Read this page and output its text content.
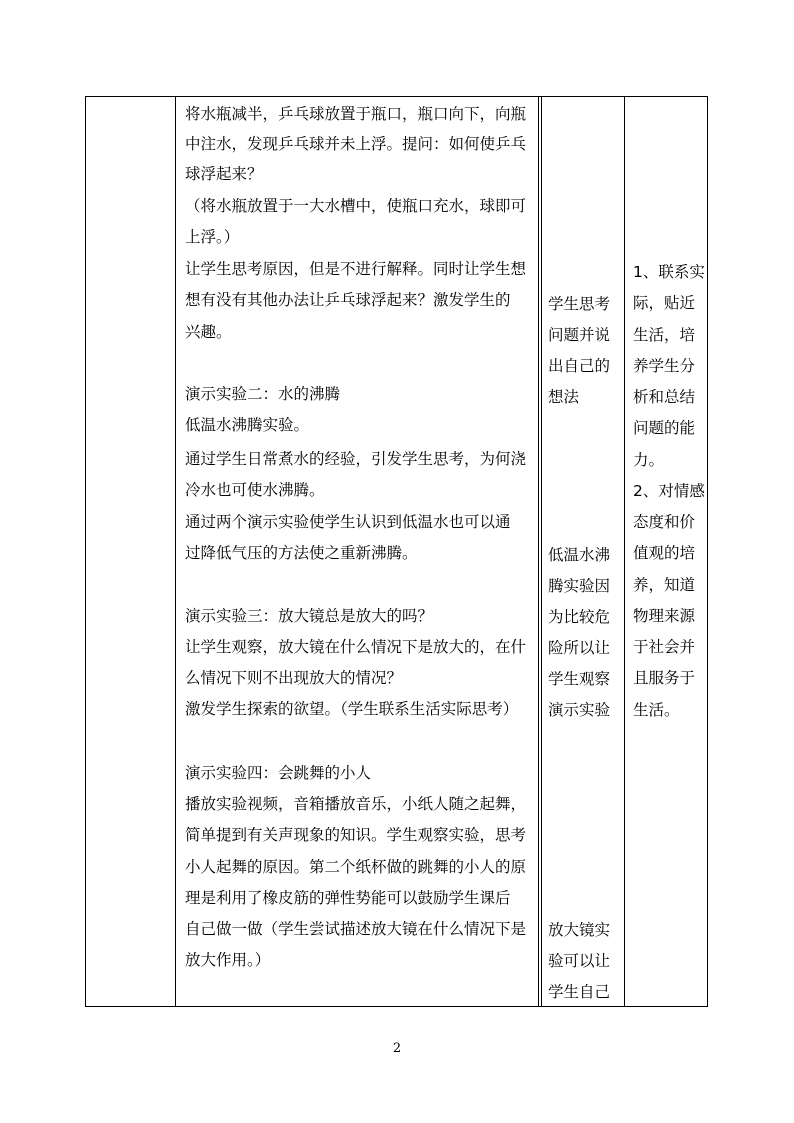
将水瓶减半，乒乓球放置于瓶口，瓶口向下，向瓶
中注水，发现乒乓球并未上浮。提问：如何使乒乓
球浮起来？
（将水瓶放置于一大水槽中，使瓶口充水，球即可
上浮。）
让学生思考原因，但是不进行解释。同时让学生想
想有没有其他办法让乒乓球浮起来？激发学生的
兴趣。
演示实验二：水的沸腾
低温水沸腾实验。
通过学生日常煮水的经验，引发学生思考，为何浇
冷水也可使水沸腾。
通过两个演示实验使学生认识到低温水也可以通
过降低气压的方法使之重新沸腾。
演示实验三：放大镜总是放大的吗？
让学生观察，放大镜在什么情况下是放大的，在什
么情况下则不出现放大的情况？
激发学生探索的欲望。（学生联系生活实际思考）
演示实验四：会跳舞的小人
播放实验视频，音箱播放音乐，小纸人随之起舞，
简单提到有关声现象的知识。学生观察实验，思考
小人起舞的原因。第二个纸杯做的跳舞的小人的原
理是利用了橡皮筋的弹性势能可以鼓励学生课后
自己做一做（学生尝试描述放大镜在什么情况下是
放大作用。）
学生思考
问题并说
出自己的
想法
低温水沸
腾实验因
为比较危
险所以让
学生观察
演示实验
放大镜实
验可以让
学生自己
1、联系实
际，贴近
生活，培
养学生分
析和总结
问题的能
力。
2、对情感
态度和价
值观的培
养，知道
物理来源
于社会并
且服务于
生活。
2
